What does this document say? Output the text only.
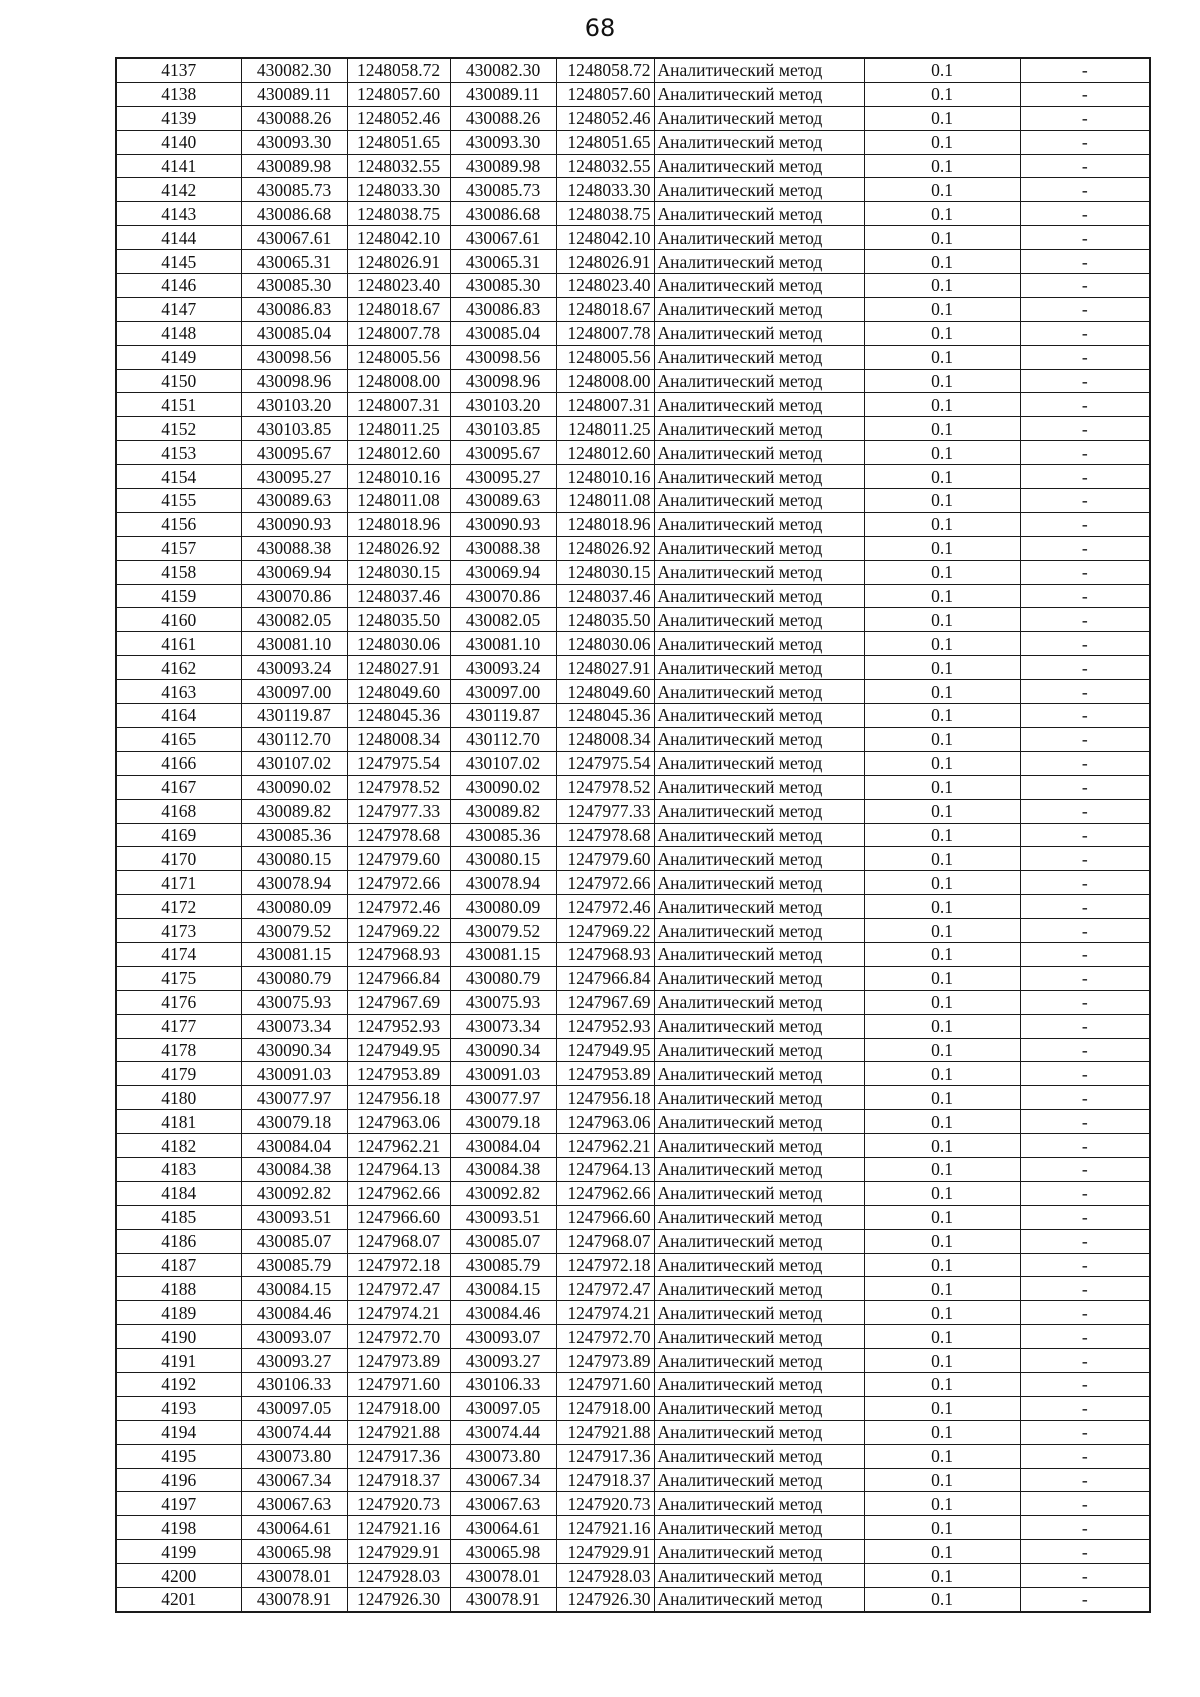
68
4137	430082.30	1248058.72	430082.30	1248058.72	Аналитический метод	0.1	-
4138	430089.11	1248057.60	430089.11	1248057.60	Аналитический метод	0.1	-
4139	430088.26	1248052.46	430088.26	1248052.46	Аналитический метод	0.1	-
4140	430093.30	1248051.65	430093.30	1248051.65	Аналитический метод	0.1	-
4141	430089.98	1248032.55	430089.98	1248032.55	Аналитический метод	0.1	-
4142	430085.73	1248033.30	430085.73	1248033.30	Аналитический метод	0.1	-
4143	430086.68	1248038.75	430086.68	1248038.75	Аналитический метод	0.1	-
4144	430067.61	1248042.10	430067.61	1248042.10	Аналитический метод	0.1	-
4145	430065.31	1248026.91	430065.31	1248026.91	Аналитический метод	0.1	-
4146	430085.30	1248023.40	430085.30	1248023.40	Аналитический метод	0.1	-
4147	430086.83	1248018.67	430086.83	1248018.67	Аналитический метод	0.1	-
4148	430085.04	1248007.78	430085.04	1248007.78	Аналитический метод	0.1	-
4149	430098.56	1248005.56	430098.56	1248005.56	Аналитический метод	0.1	-
4150	430098.96	1248008.00	430098.96	1248008.00	Аналитический метод	0.1	-
4151	430103.20	1248007.31	430103.20	1248007.31	Аналитический метод	0.1	-
4152	430103.85	1248011.25	430103.85	1248011.25	Аналитический метод	0.1	-
4153	430095.67	1248012.60	430095.67	1248012.60	Аналитический метод	0.1	-
4154	430095.27	1248010.16	430095.27	1248010.16	Аналитический метод	0.1	-
4155	430089.63	1248011.08	430089.63	1248011.08	Аналитический метод	0.1	-
4156	430090.93	1248018.96	430090.93	1248018.96	Аналитический метод	0.1	-
4157	430088.38	1248026.92	430088.38	1248026.92	Аналитический метод	0.1	-
4158	430069.94	1248030.15	430069.94	1248030.15	Аналитический метод	0.1	-
4159	430070.86	1248037.46	430070.86	1248037.46	Аналитический метод	0.1	-
4160	430082.05	1248035.50	430082.05	1248035.50	Аналитический метод	0.1	-
4161	430081.10	1248030.06	430081.10	1248030.06	Аналитический метод	0.1	-
4162	430093.24	1248027.91	430093.24	1248027.91	Аналитический метод	0.1	-
4163	430097.00	1248049.60	430097.00	1248049.60	Аналитический метод	0.1	-
4164	430119.87	1248045.36	430119.87	1248045.36	Аналитический метод	0.1	-
4165	430112.70	1248008.34	430112.70	1248008.34	Аналитический метод	0.1	-
4166	430107.02	1247975.54	430107.02	1247975.54	Аналитический метод	0.1	-
4167	430090.02	1247978.52	430090.02	1247978.52	Аналитический метод	0.1	-
4168	430089.82	1247977.33	430089.82	1247977.33	Аналитический метод	0.1	-
4169	430085.36	1247978.68	430085.36	1247978.68	Аналитический метод	0.1	-
4170	430080.15	1247979.60	430080.15	1247979.60	Аналитический метод	0.1	-
4171	430078.94	1247972.66	430078.94	1247972.66	Аналитический метод	0.1	-
4172	430080.09	1247972.46	430080.09	1247972.46	Аналитический метод	0.1	-
4173	430079.52	1247969.22	430079.52	1247969.22	Аналитический метод	0.1	-
4174	430081.15	1247968.93	430081.15	1247968.93	Аналитический метод	0.1	-
4175	430080.79	1247966.84	430080.79	1247966.84	Аналитический метод	0.1	-
4176	430075.93	1247967.69	430075.93	1247967.69	Аналитический метод	0.1	-
4177	430073.34	1247952.93	430073.34	1247952.93	Аналитический метод	0.1	-
4178	430090.34	1247949.95	430090.34	1247949.95	Аналитический метод	0.1	-
4179	430091.03	1247953.89	430091.03	1247953.89	Аналитический метод	0.1	-
4180	430077.97	1247956.18	430077.97	1247956.18	Аналитический метод	0.1	-
4181	430079.18	1247963.06	430079.18	1247963.06	Аналитический метод	0.1	-
4182	430084.04	1247962.21	430084.04	1247962.21	Аналитический метод	0.1	-
4183	430084.38	1247964.13	430084.38	1247964.13	Аналитический метод	0.1	-
4184	430092.82	1247962.66	430092.82	1247962.66	Аналитический метод	0.1	-
4185	430093.51	1247966.60	430093.51	1247966.60	Аналитический метод	0.1	-
4186	430085.07	1247968.07	430085.07	1247968.07	Аналитический метод	0.1	-
4187	430085.79	1247972.18	430085.79	1247972.18	Аналитический метод	0.1	-
4188	430084.15	1247972.47	430084.15	1247972.47	Аналитический метод	0.1	-
4189	430084.46	1247974.21	430084.46	1247974.21	Аналитический метод	0.1	-
4190	430093.07	1247972.70	430093.07	1247972.70	Аналитический метод	0.1	-
4191	430093.27	1247973.89	430093.27	1247973.89	Аналитический метод	0.1	-
4192	430106.33	1247971.60	430106.33	1247971.60	Аналитический метод	0.1	-
4193	430097.05	1247918.00	430097.05	1247918.00	Аналитический метод	0.1	-
4194	430074.44	1247921.88	430074.44	1247921.88	Аналитический метод	0.1	-
4195	430073.80	1247917.36	430073.80	1247917.36	Аналитический метод	0.1	-
4196	430067.34	1247918.37	430067.34	1247918.37	Аналитический метод	0.1	-
4197	430067.63	1247920.73	430067.63	1247920.73	Аналитический метод	0.1	-
4198	430064.61	1247921.16	430064.61	1247921.16	Аналитический метод	0.1	-
4199	430065.98	1247929.91	430065.98	1247929.91	Аналитический метод	0.1	-
4200	430078.01	1247928.03	430078.01	1247928.03	Аналитический метод	0.1	-
4201	430078.91	1247926.30	430078.91	1247926.30	Аналитический метод	0.1	-
